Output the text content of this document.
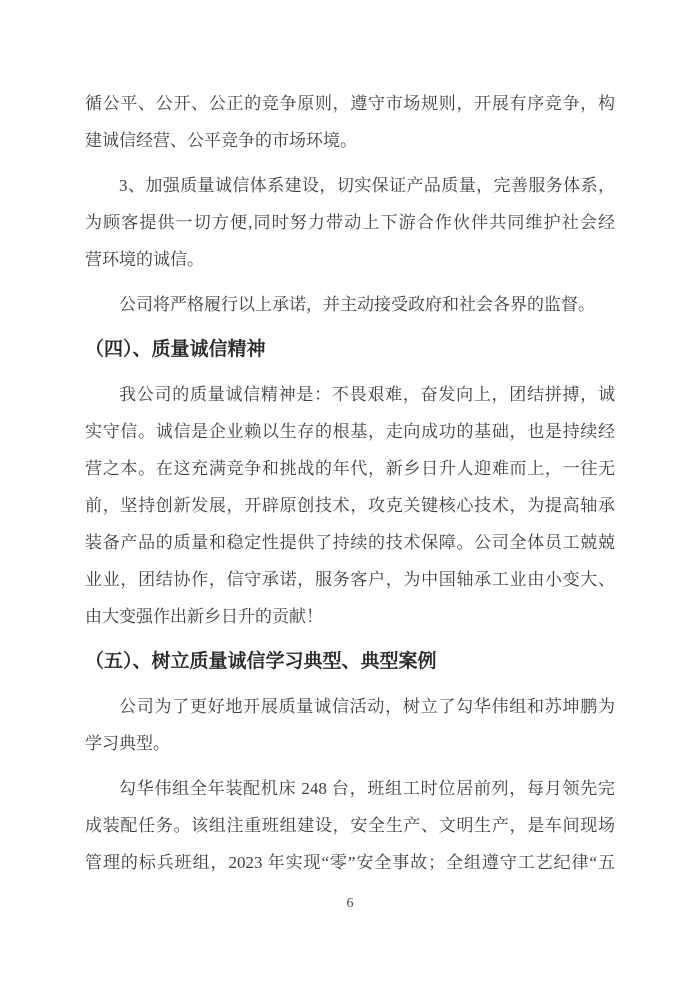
循公平、公开、公正的竞争原则，遵守市场规则，开展有序竞争，构
建诚信经营、公平竞争的市场环境。
3、加强质量诚信体系建设，切实保证产品质量，完善服务体系，
为顾客提供一切方便,同时努力带动上下游合作伙伴共同维护社会经
营环境的诚信。
公司将严格履行以上承诺，并主动接受政府和社会各界的监督。
（四）、质量诚信精神
我公司的质量诚信精神是：不畏艰难，奋发向上，团结拼搏，诚
实守信。诚信是企业赖以生存的根基，走向成功的基础，也是持续经
营之本。在这充满竞争和挑战的年代，新乡日升人迎难而上，一往无
前，坚持创新发展，开辟原创技术，攻克关键核心技术，为提高轴承
装备产品的质量和稳定性提供了持续的技术保障。公司全体员工兢兢
业业，团结协作，信守承诺，服务客户，为中国轴承工业由小变大、
由大变强作出新乡日升的贡献！
（五）、树立质量诚信学习典型、典型案例
公司为了更好地开展质量诚信活动，树立了勾华伟组和苏坤鹏为
学习典型。
勾华伟组全年装配机床 248 台，班组工时位居前列，每月领先完
成装配任务。该组注重班组建设，安全生产、文明生产，是车间现场
管理的标兵班组，2023 年实现“零”安全事故；全组遵守工艺纪律“五
6
